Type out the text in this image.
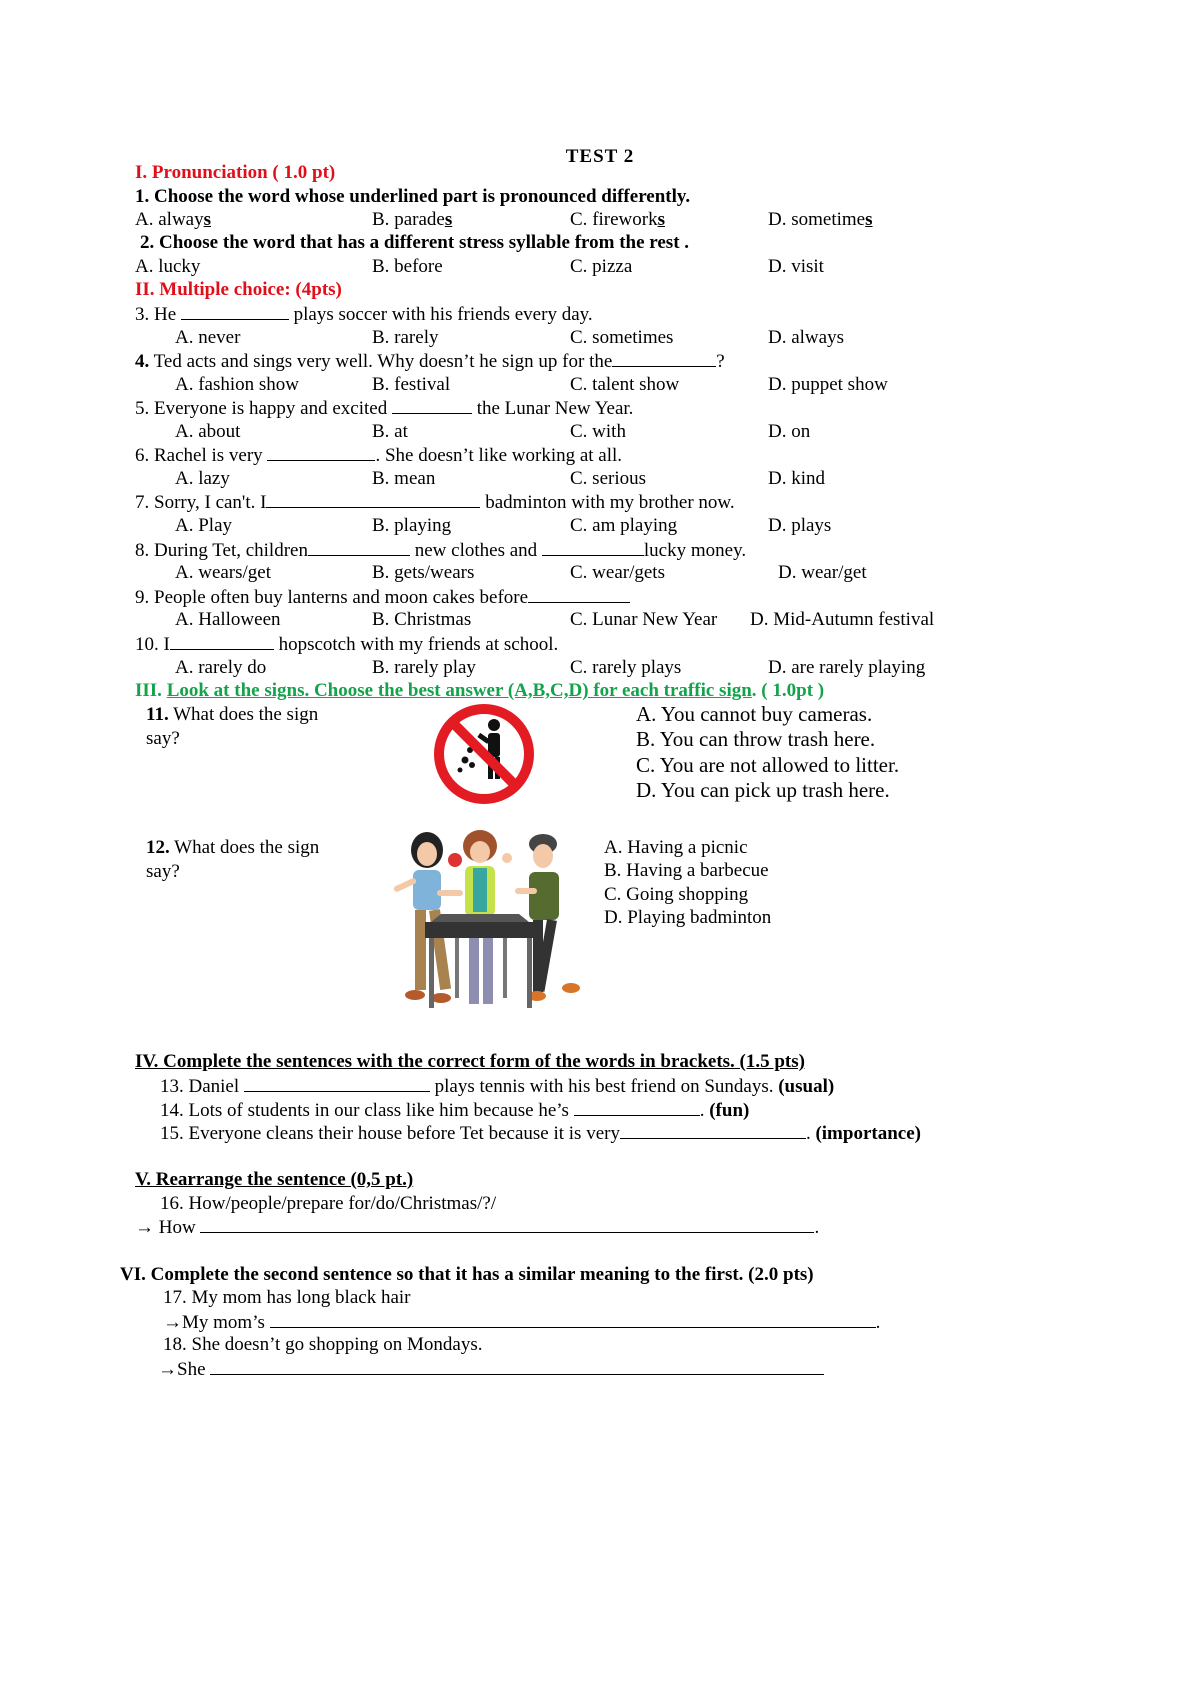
TEST 2
I. Pronunciation ( 1.0 pt)
1. Choose the word whose underlined part is pronounced differently.
A. always	B. parades	C. fireworks	D. sometimes
2. Choose the word that has a different stress syllable from the rest .
A. lucky	B. before	C. pizza	D. visit
II. Multiple choice: (4pts)
3. He	plays soccer with his friends every day.
A. never	B. rarely	C. sometimes	D. always
4. Ted acts and sings very well. Why doesn’t he sign up for the	?
A. fashion show	B. festival	C. talent show	D. puppet show
5. Everyone is happy and excited	the Lunar New Year.
A. about	B. at	C. with	D. on
6. Rachel is very	. She doesn’t like working at all.
A. lazy	B. mean	C. serious	D. kind
7. Sorry, I can't. I	badminton with my brother now.
A. Play	B. playing	C. am playing	D. plays
8. During Tet, children	new clothes and	lucky money.
A. wears/get	B. gets/wears	C. wear/gets	D. wear/get
9. People often buy lanterns and moon cakes before
A. Halloween	B. Christmas	C. Lunar New Year D. Mid-Autumn festival
10. I	hopscotch with my friends at school.
A. rarely do	B. rarely play	C. rarely plays	D. are rarely playing
III. Look at the signs. Choose the best answer (A,B,C,D) for each traffic sign. ( 1.0pt )
11. What does the sign
say?
A. You cannot buy cameras.
B. You can throw trash here.
C. You are not allowed to litter.
D. You can pick up trash here.
12. What does the sign
say?
A. Having a picnic
B. Having a barbecue
C. Going shopping
D. Playing badminton
IV. Complete the sentences with the correct form of the words in brackets. (1.5 pts)
13. Daniel	plays tennis with his best friend on Sundays. (usual)
14. Lots of students in our class like him because he’s	. (fun)
15. Everyone cleans their house before Tet because it is very	. (importance)
V. Rearrange the sentence (0,5 pt.)
16. How/people/prepare for/do/Christmas/?/
→ How	.
VI. Complete the second sentence so that it has a similar meaning to the first. (2.0 pts)
17. My mom has long black hair
→My mom’s	.
18. She doesn’t go shopping on Mondays.
→She
